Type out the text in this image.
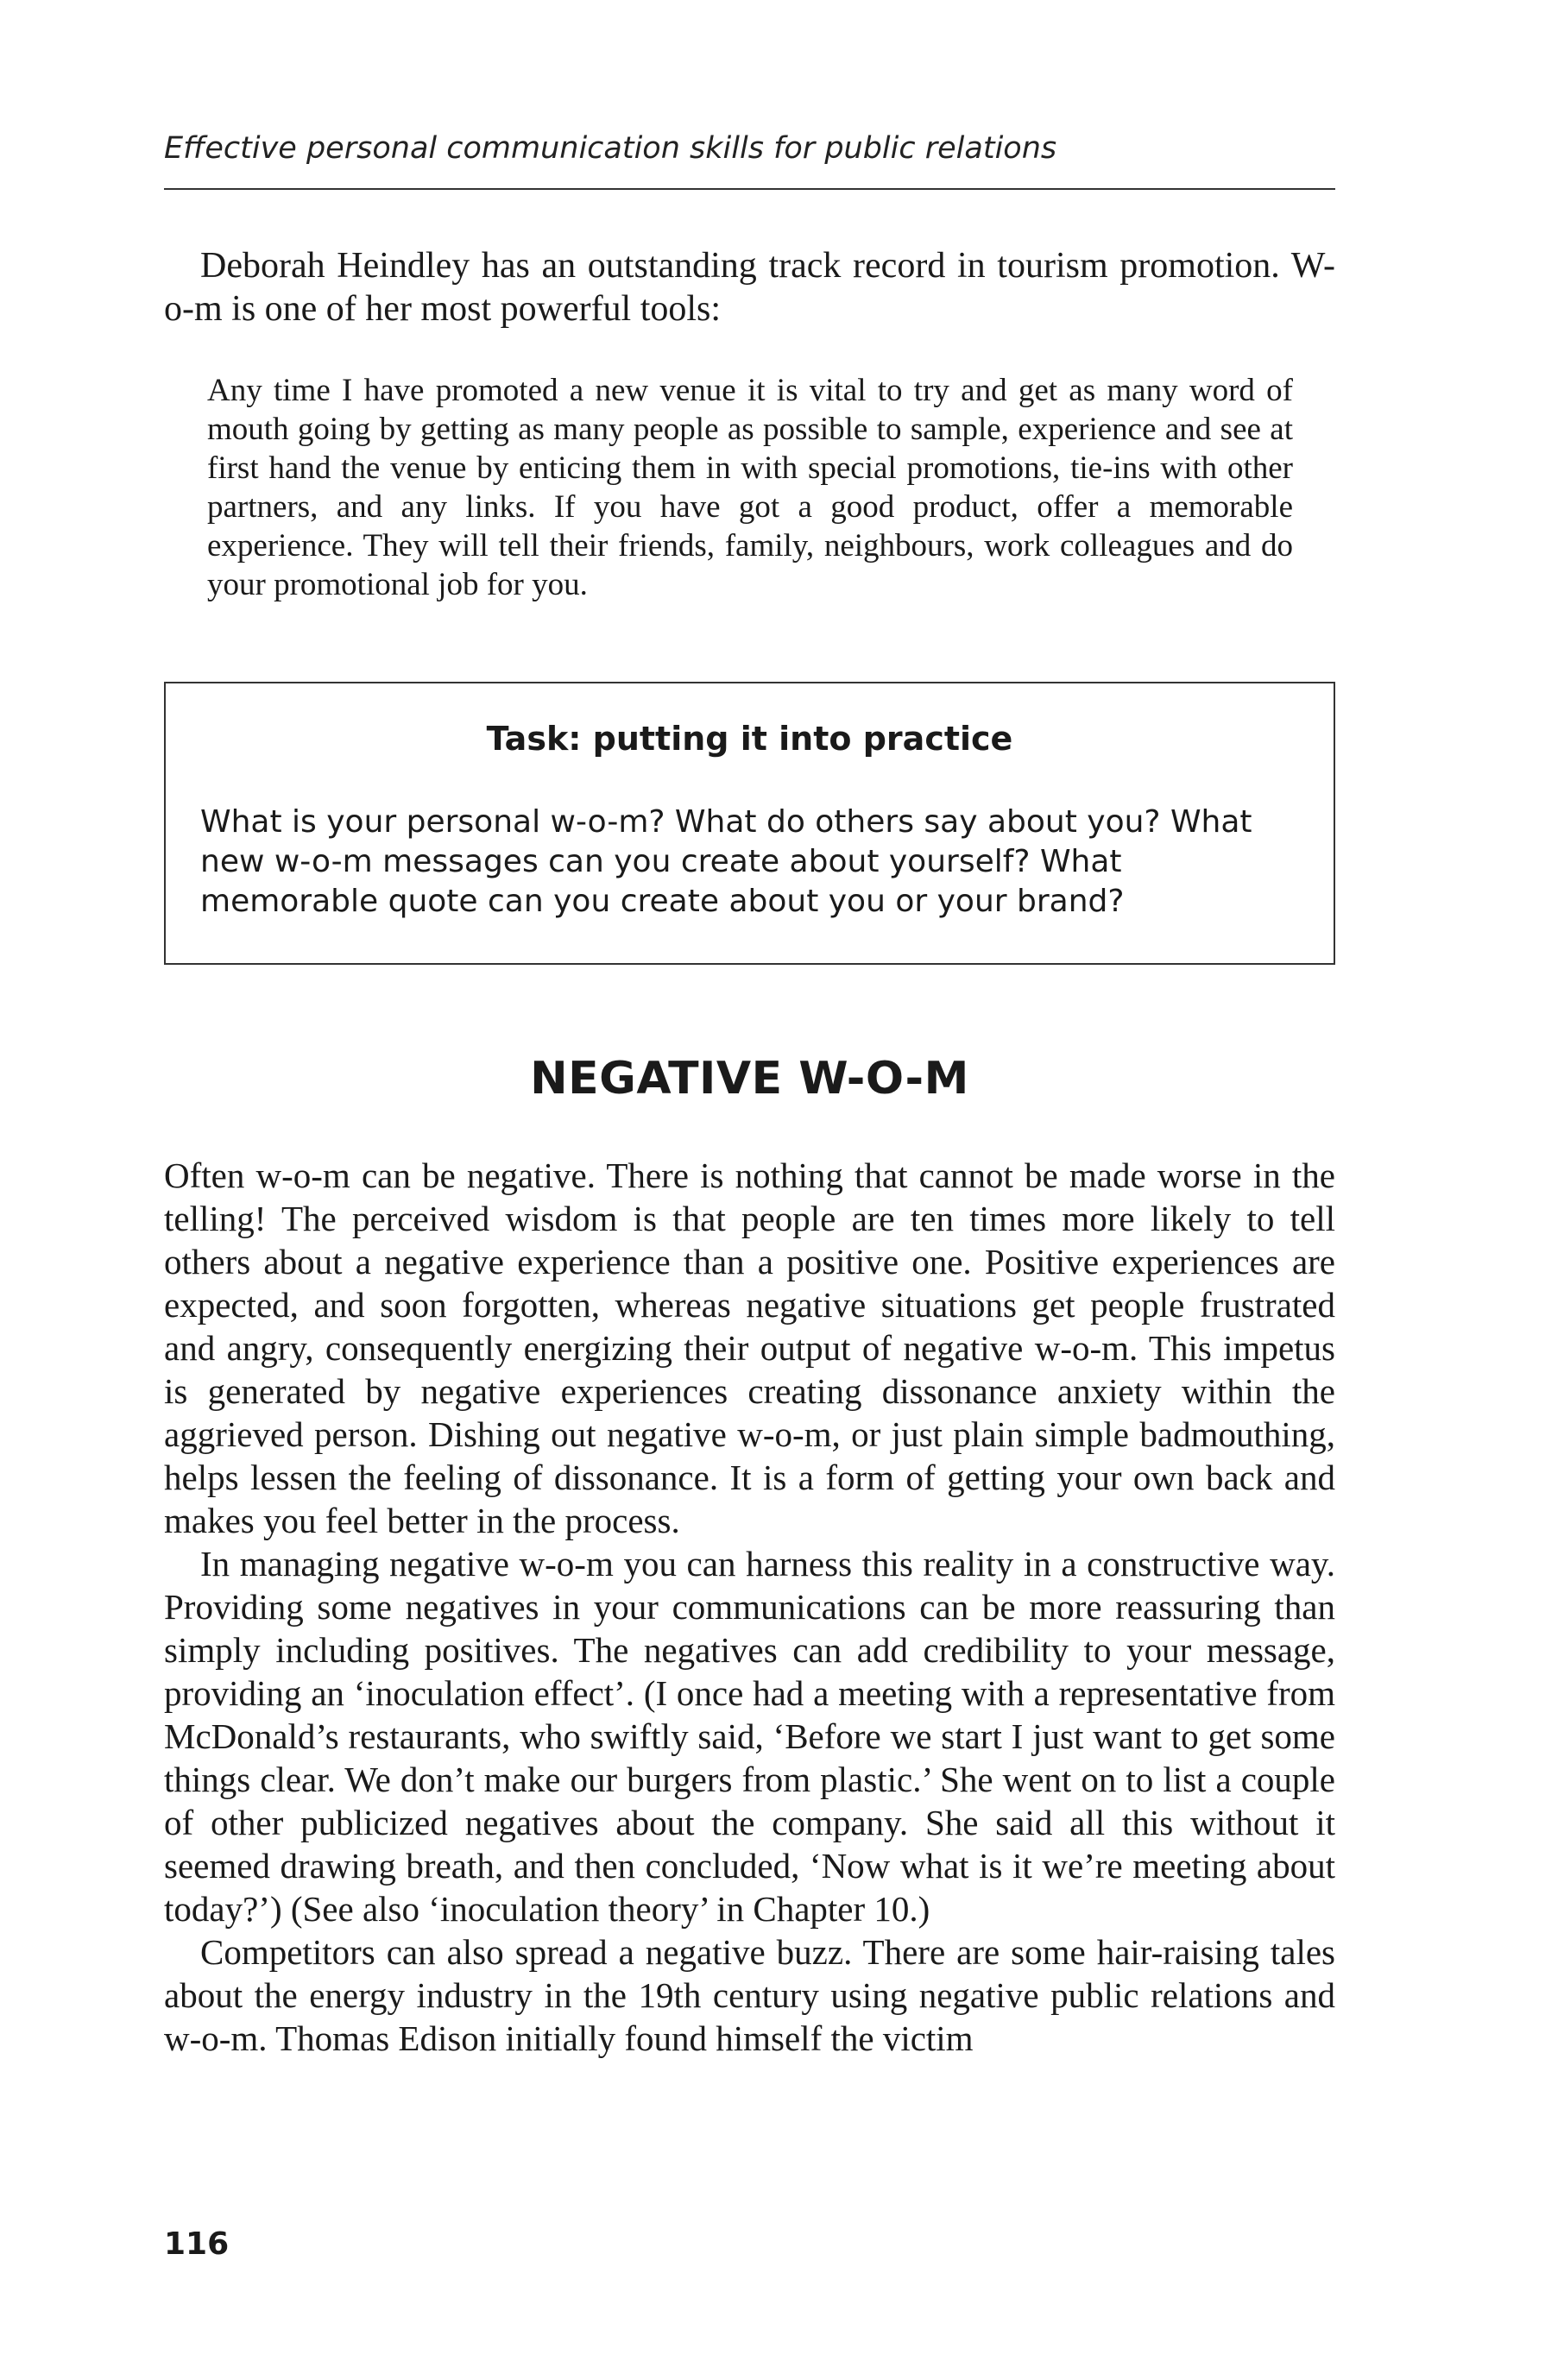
Effective personal communication skills for public relations

Deborah Heindley has an outstanding track record in tourism promotion. W-o-m is one of her most powerful tools:

Any time I have promoted a new venue it is vital to try and get as many word of mouth going by getting as many people as possible to sample, experience and see at first hand the venue by enticing them in with special promotions, tie-ins with other partners, and any links. If you have got a good product, offer a memorable experience. They will tell their friends, family, neighbours, work colleagues and do your promotional job for you.

Task: putting it into practice

What is your personal w-o-m? What do others say about you? What new w-o-m messages can you create about yourself? What memorable quote can you create about you or your brand?

NEGATIVE W-O-M

Often w-o-m can be negative. There is nothing that cannot be made worse in the telling! The perceived wisdom is that people are ten times more likely to tell others about a negative experience than a positive one. Positive experiences are expected, and soon forgotten, whereas negative situations get people frustrated and angry, consequently energizing their output of negative w-o-m. This impetus is generated by negative experiences creating dissonance anxiety within the aggrieved person. Dishing out negative w-o-m, or just plain simple badmouthing, helps lessen the feeling of dissonance. It is a form of getting your own back and makes you feel better in the process.

In managing negative w-o-m you can harness this reality in a constructive way. Providing some negatives in your communications can be more reassuring than simply including positives. The negatives can add credibility to your message, providing an ‘inoculation effect’. (I once had a meeting with a representative from McDonald’s restaurants, who swiftly said, ‘Before we start I just want to get some things clear. We don’t make our burgers from plastic.’ She went on to list a couple of other publicized negatives about the company. She said all this without it seemed drawing breath, and then concluded, ‘Now what is it we’re meeting about today?’) (See also ‘inoculation theory’ in Chapter 10.)

Competitors can also spread a negative buzz. There are some hair-raising tales about the energy industry in the 19th century using negative public relations and w-o-m. Thomas Edison initially found himself the victim

116
